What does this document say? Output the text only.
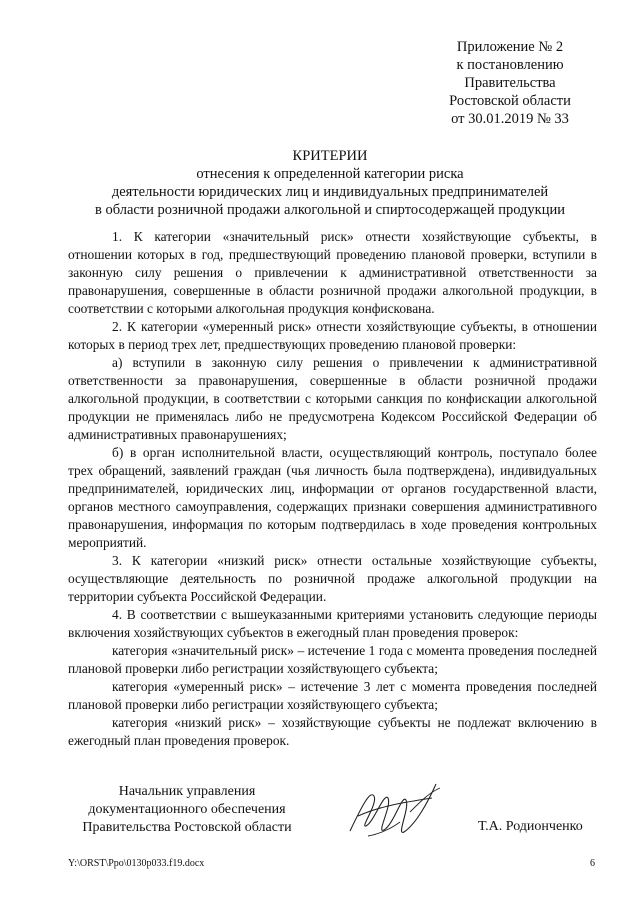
Приложение № 2
к постановлению
Правительства
Ростовской области
от 30.01.2019 № 33
КРИТЕРИИ
отнесения к определенной категории риска
деятельности юридических лиц и индивидуальных предпринимателей
в области розничной продажи алкогольной и спиртосодержащей продукции

1. К категории «значительный риск» отнести хозяйствующие субъекты, в отношении которых в год, предшествующий проведению плановой проверки, вступили в законную силу решения о привлечении к административной ответственности за правонарушения, совершенные в области розничной продажи алкогольной продукции, в соответствии с которыми алкогольная продукция конфискована.

2. К категории «умеренный риск» отнести хозяйствующие субъекты, в отношении которых в период трех лет, предшествующих проведению плановой проверки:

а) вступили в законную силу решения о привлечении к административной ответственности за правонарушения, совершенные в области розничной продажи алкогольной продукции, в соответствии с которыми санкция по конфискации алкогольной продукции не применялась либо не предусмотрена Кодексом Российской Федерации об административных правонарушениях;

б) в орган исполнительной власти, осуществляющий контроль, поступало более трех обращений, заявлений граждан (чья личность была подтверждена), индивидуальных предпринимателей, юридических лиц, информации от органов государственной власти, органов местного самоуправления, содержащих признаки совершения административного правонарушения, информация по которым подтвердилась в ходе проведения контрольных мероприятий.

3. К категории «низкий риск» отнести остальные хозяйствующие субъекты, осуществляющие деятельность по розничной продаже алкогольной продукции на территории субъекта Российской Федерации.

4. В соответствии с вышеуказанными критериями установить следующие периоды включения хозяйствующих субъектов в ежегодный план проведения проверок:

категория «значительный риск» – истечение 1 года с момента проведения последней плановой проверки либо регистрации хозяйствующего субъекта;

категория «умеренный риск» – истечение 3 лет с момента проведения последней плановой проверки либо регистрации хозяйствующего субъекта;

категория «низкий риск» – хозяйствующие субъекты не подлежат включению в ежегодный план проведения проверок.

Начальник управления
документационного обеспечения
Правительства Ростовской области	Т.А. Родионченко
Y:\ORST\Ppo\0130p033.f19.docx	6
